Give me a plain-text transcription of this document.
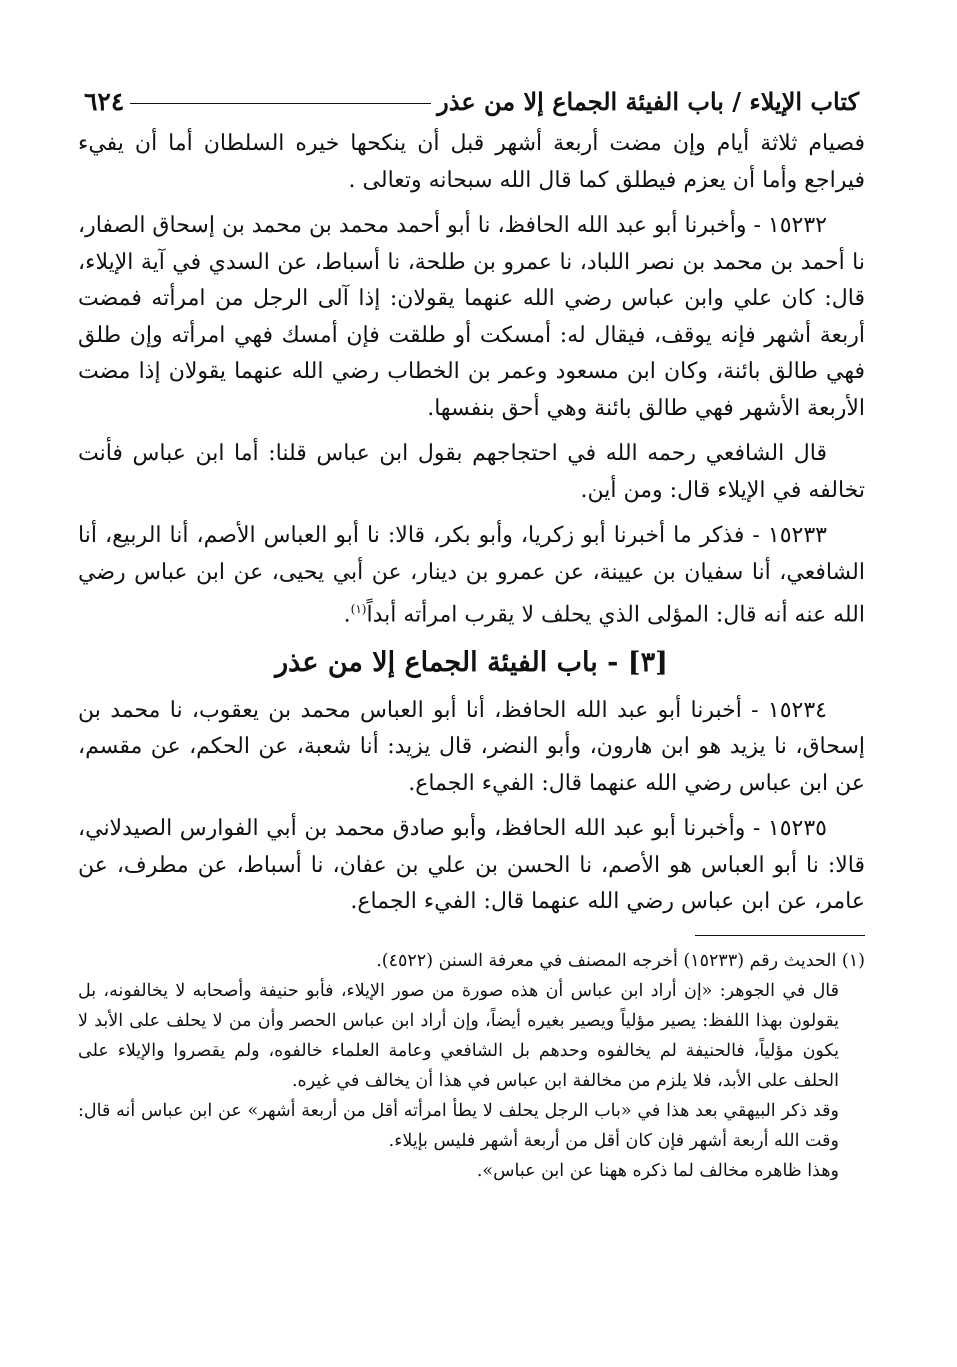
كتاب الإيلاء / باب الفيئة الجماع إلا من عذر
٦٢٤

فصيام ثلاثة أيام وإن مضت أربعة أشهر قبل أن ينكحها خيره السلطان أما أن يفيء فيراجع وأما أن يعزم فيطلق كما قال الله سبحانه وتعالى .

١٥٢٣٢ - وأخبرنا أبو عبد الله الحافظ، نا أبو أحمد محمد بن محمد بن إسحاق الصفار، نا أحمد بن محمد بن نصر اللباد، نا عمرو بن طلحة، نا أسباط، عن السدي في آية الإيلاء، قال: كان علي وابن عباس رضي الله عنهما يقولان: إذا آلى الرجل من امرأته فمضت أربعة أشهر فإنه يوقف، فيقال له: أمسكت أو طلقت فإن أمسك فهي امرأته وإن طلق فهي طالق بائنة، وكان ابن مسعود وعمر بن الخطاب رضي الله عنهما يقولان إذا مضت الأربعة الأشهر فهي طالق بائنة وهي أحق بنفسها.

قال الشافعي رحمه الله في احتجاجهم بقول ابن عباس قلنا: أما ابن عباس فأنت تخالفه في الإيلاء قال: ومن أين.

١٥٢٣٣ - فذكر ما أخبرنا أبو زكريا، وأبو بكر، قالا: نا أبو العباس الأصم، أنا الربيع، أنا الشافعي، أنا سفيان بن عيينة، عن عمرو بن دينار، عن أبي يحيى، عن ابن عباس رضي الله عنه أنه قال: المؤلى الذي يحلف لا يقرب امرأته أبداً$^{(١)}$.

[٣] - باب الفيئة الجماع إلا من عذر

١٥٢٣٤ - أخبرنا أبو عبد الله الحافظ، أنا أبو العباس محمد بن يعقوب، نا محمد بن إسحاق، نا يزيد هو ابن هارون، وأبو النضر، قال يزيد: أنا شعبة، عن الحكم، عن مقسم، عن ابن عباس رضي الله عنهما قال: الفيء الجماع.

١٥٢٣٥ - وأخبرنا أبو عبد الله الحافظ، وأبو صادق محمد بن أبي الفوارس الصيدلاني، قالا: نا أبو العباس هو الأصم، نا الحسن بن علي بن عفان، نا أسباط، عن مطرف، عن عامر، عن ابن عباس رضي الله عنهما قال: الفيء الجماع.

(١) الحديث رقم (١٥٢٣٣) أخرجه المصنف في معرفة السنن (٤٥٢٢).

قال في الجوهر: «إن أراد ابن عباس أن هذه صورة من صور الإيلاء، فأبو حنيفة وأصحابه لا يخالفونه، بل يقولون بهذا اللفظ: يصير مؤلياً ويصير بغيره أيضاً، وإن أراد ابن عباس الحصر وأن من لا يحلف على الأبد لا يكون مؤلياً، فالحنيفة لم يخالفوه وحدهم بل الشافعي وعامة العلماء خالفوه، ولم يقصروا والإيلاء على الحلف على الأبد، فلا يلزم من مخالفة ابن عباس في هذا أن يخالف في غيره.

وقد ذكر البيهقي بعد هذا في «باب الرجل يحلف لا يطأ امرأته أقل من أربعة أشهر» عن ابن عباس أنه قال: وقت الله أربعة أشهر فإن كان أقل من أربعة أشهر فليس بإيلاء.

وهذا ظاهره مخالف لما ذكره ههنا عن ابن عباس».
